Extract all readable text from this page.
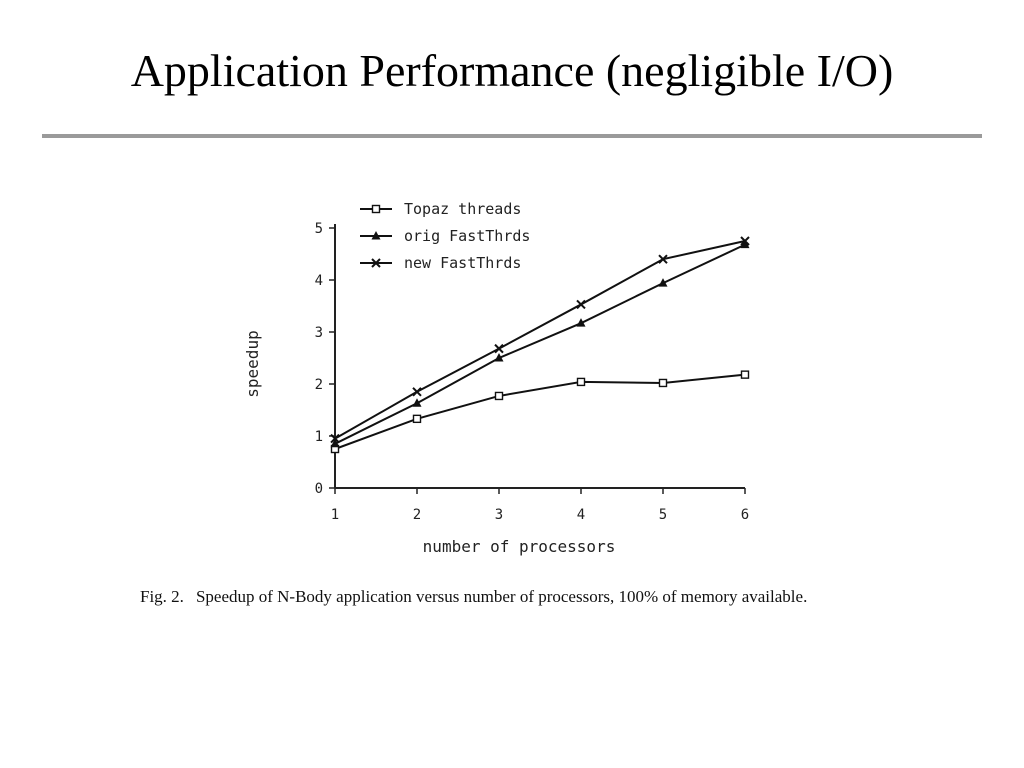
Application Performance (negligible I/O)
0
1
2
3
4
5
1	2	3	4	5	6
Topaz threads
orig FastThrds
new FastThrds
number of processors
speedup
Fig. 2. Speedup of N-Body application versus number of processors, 100% of memory available.
